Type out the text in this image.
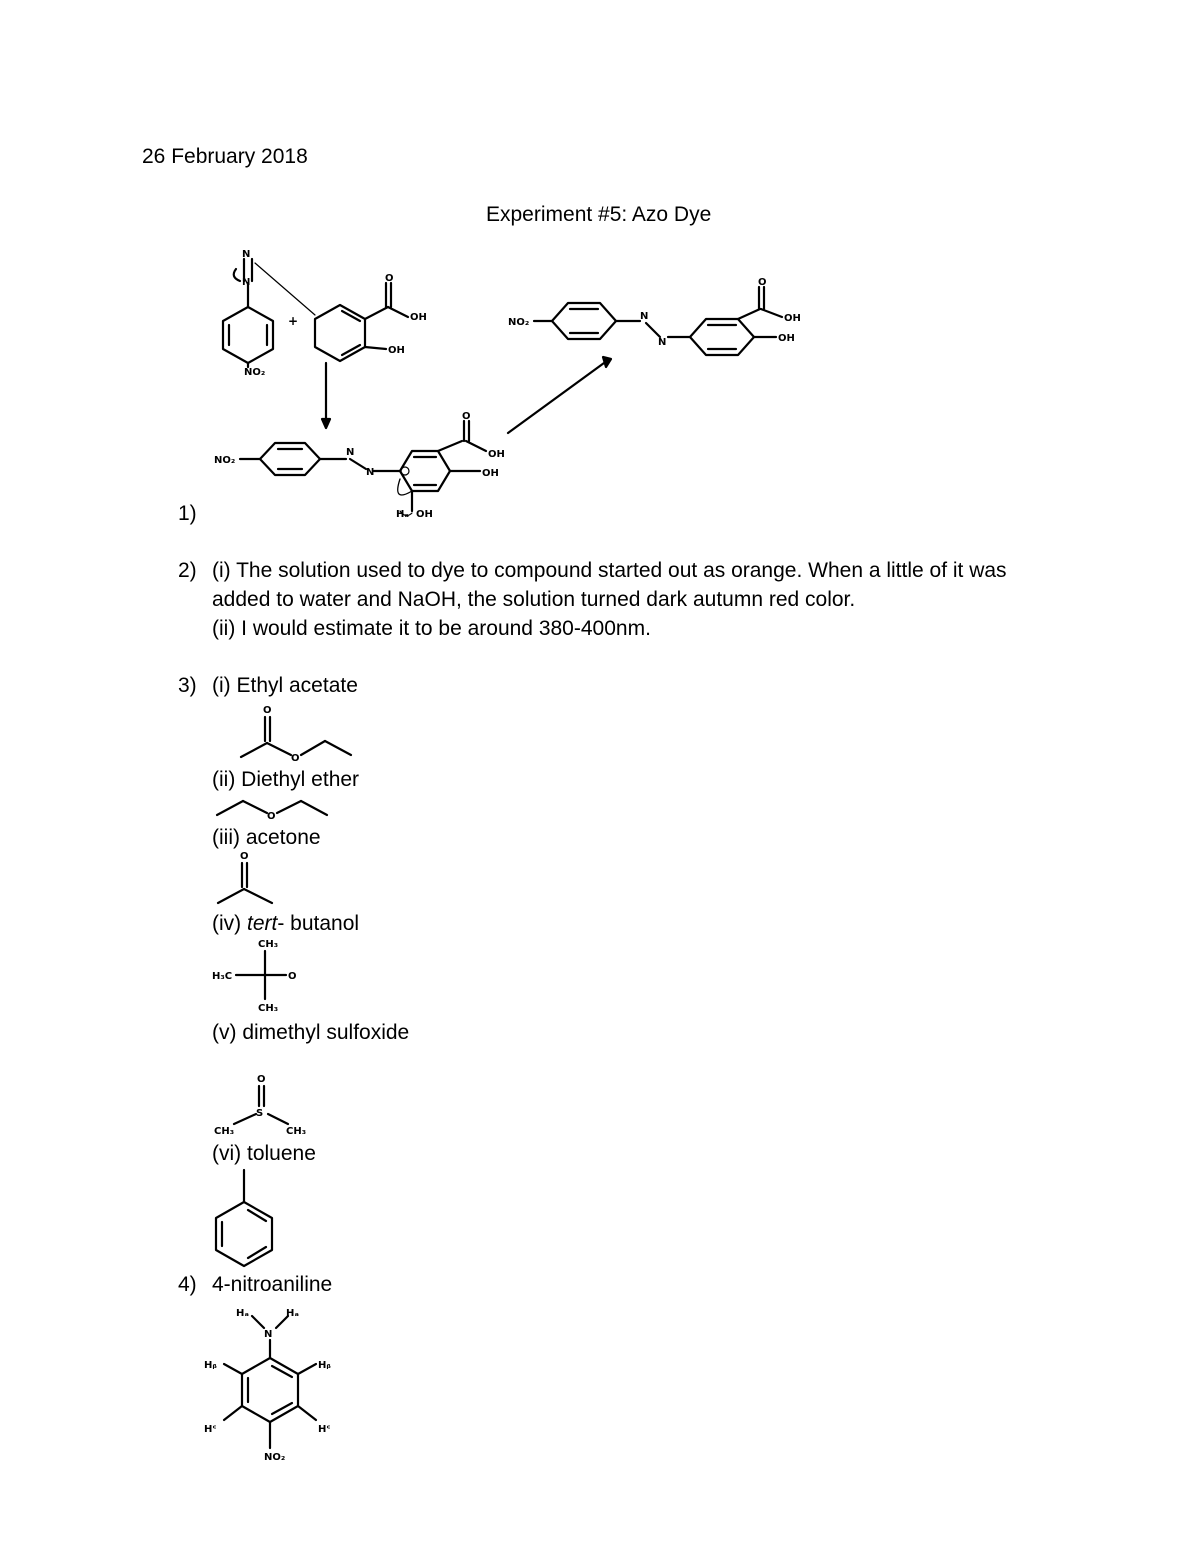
26 February 2018
Experiment #5: Azo Dye
N
N
NO₂
+
O
OH
OH
NO₂
N
N
O
OH
OH
Hₐ OH
NO₂
N
N
O
OH
OH
1)
2) (i) The solution used to dye to compound started out as orange. When a little of it was
added to water and NaOH, the solution turned dark autumn red color.
(ii) I would estimate it to be around 380-400nm.
3) (i) Ethyl acetate
O
O
(ii) Diethyl ether
O
(iii) acetone
O
(iv) tert- butanol
CH₃
H₃C	O
CH₃
(v) dimethyl sulfoxide
O
S
CH₃	CH₃
(vi) toluene
4) 4-nitroaniline
Hₐ	Hₐ
N
Hᵦ	Hᵦ
Hᶜ	Hᶜ
NO₂
